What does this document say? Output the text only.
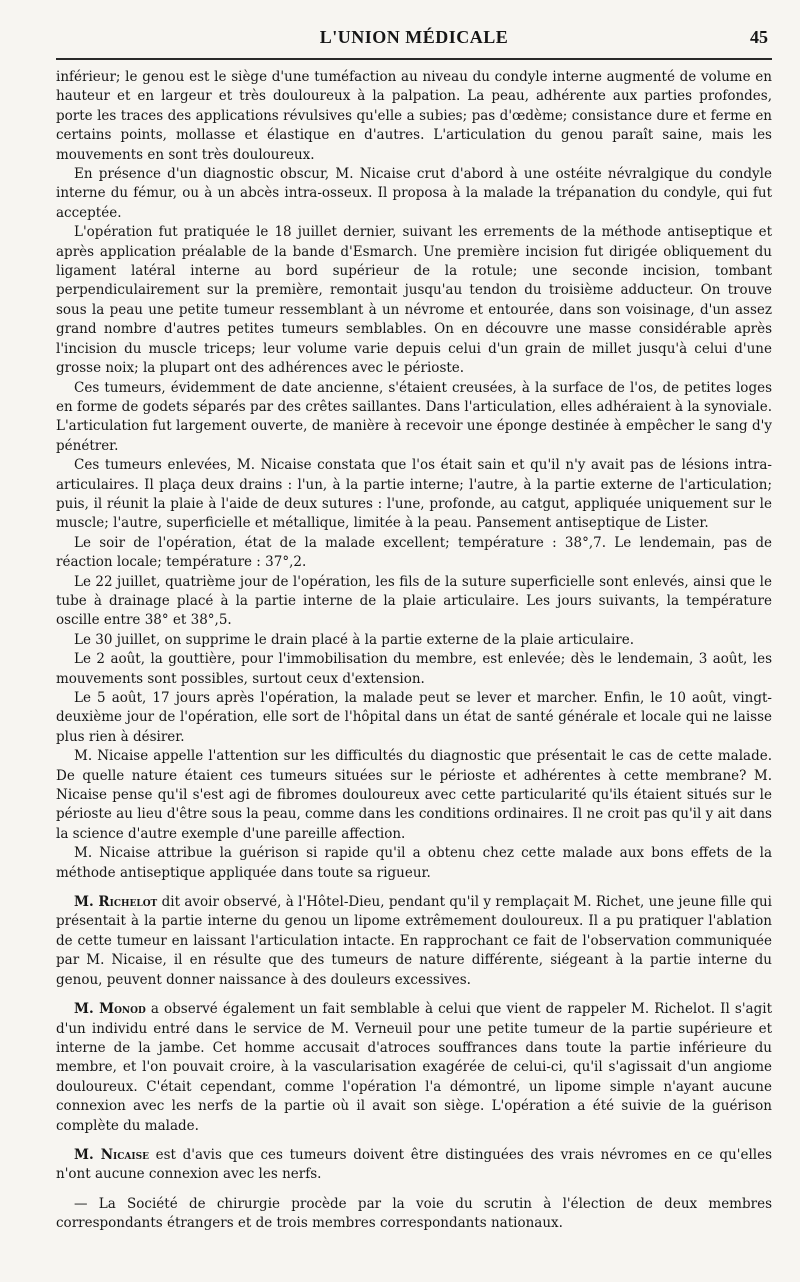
L'UNION MÉDICALE	45

inférieur; le genou est le siège d'une tuméfaction au niveau du condyle interne augmenté de volume en hauteur et en largeur et très douloureux à la palpation. La peau, adhérente aux parties profondes, porte les traces des applications révulsives qu'elle a subies; pas d'œdème; consistance dure et ferme en certains points, mollasse et élastique en d'autres. L'articulation du genou paraît saine, mais les mouvements en sont très douloureux.

En présence d'un diagnostic obscur, M. Nicaise crut d'abord à une ostéite névralgique du condyle interne du fémur, ou à un abcès intra-osseux. Il proposa à la malade la trépanation du condyle, qui fut acceptée.

L'opération fut pratiquée le 18 juillet dernier, suivant les errements de la méthode antiseptique et après application préalable de la bande d'Esmarch. Une première incision fut dirigée obliquement du ligament latéral interne au bord supérieur de la rotule; une seconde incision, tombant perpendiculairement sur la première, remontait jusqu'au tendon du troisième adducteur. On trouve sous la peau une petite tumeur ressemblant à un névrome et entourée, dans son voisinage, d'un assez grand nombre d'autres petites tumeurs semblables. On en découvre une masse considérable après l'incision du muscle triceps; leur volume varie depuis celui d'un grain de millet jusqu'à celui d'une grosse noix; la plupart ont des adhérences avec le périoste.

Ces tumeurs, évidemment de date ancienne, s'étaient creusées, à la surface de l'os, de petites loges en forme de godets séparés par des crêtes saillantes. Dans l'articulation, elles adhéraient à la synoviale. L'articulation fut largement ouverte, de manière à recevoir une éponge destinée à empêcher le sang d'y pénétrer.

Ces tumeurs enlevées, M. Nicaise constata que l'os était sain et qu'il n'y avait pas de lésions intra-articulaires. Il plaça deux drains : l'un, à la partie interne; l'autre, à la partie externe de l'articulation; puis, il réunit la plaie à l'aide de deux sutures : l'une, profonde, au catgut, appliquée uniquement sur le muscle; l'autre, superficielle et métallique, limitée à la peau. Pansement antiseptique de Lister.

Le soir de l'opération, état de la malade excellent; température : 38°,7. Le lendemain, pas de réaction locale; température : 37°,2.

Le 22 juillet, quatrième jour de l'opération, les fils de la suture superficielle sont enlevés, ainsi que le tube à drainage placé à la partie interne de la plaie articulaire. Les jours suivants, la température oscille entre 38° et 38°,5.

Le 30 juillet, on supprime le drain placé à la partie externe de la plaie articulaire.

Le 2 août, la gouttière, pour l'immobilisation du membre, est enlevée; dès le lendemain, 3 août, les mouvements sont possibles, surtout ceux d'extension.

Le 5 août, 17 jours après l'opération, la malade peut se lever et marcher. Enfin, le 10 août, vingt-deuxième jour de l'opération, elle sort de l'hôpital dans un état de santé générale et locale qui ne laisse plus rien à désirer.

M. Nicaise appelle l'attention sur les difficultés du diagnostic que présentait le cas de cette malade. De quelle nature étaient ces tumeurs situées sur le périoste et adhérentes à cette membrane? M. Nicaise pense qu'il s'est agi de fibromes douloureux avec cette particularité qu'ils étaient situés sur le périoste au lieu d'être sous la peau, comme dans les conditions ordinaires. Il ne croit pas qu'il y ait dans la science d'autre exemple d'une pareille affection.

M. Nicaise attribue la guérison si rapide qu'il a obtenu chez cette malade aux bons effets de la méthode antiseptique appliquée dans toute sa rigueur.

M. Richelot dit avoir observé, à l'Hôtel-Dieu, pendant qu'il y remplaçait M. Richet, une jeune fille qui présentait à la partie interne du genou un lipome extrêmement douloureux. Il a pu pratiquer l'ablation de cette tumeur en laissant l'articulation intacte. En rapprochant ce fait de l'observation communiquée par M. Nicaise, il en résulte que des tumeurs de nature différente, siégeant à la partie interne du genou, peuvent donner naissance à des douleurs excessives.

M. Monod a observé également un fait semblable à celui que vient de rappeler M. Richelot. Il s'agit d'un individu entré dans le service de M. Verneuil pour une petite tumeur de la partie supérieure et interne de la jambe. Cet homme accusait d'atroces souffrances dans toute la partie inférieure du membre, et l'on pouvait croire, à la vascularisation exagérée de celui-ci, qu'il s'agissait d'un angiome douloureux. C'était cependant, comme l'opération l'a démontré, un lipome simple n'ayant aucune connexion avec les nerfs de la partie où il avait son siège. L'opération a été suivie de la guérison complète du malade.

M. Nicaise est d'avis que ces tumeurs doivent être distinguées des vrais névromes en ce qu'elles n'ont aucune connexion avec les nerfs.

— La Société de chirurgie procède par la voie du scrutin à l'élection de deux membres correspondants étrangers et de trois membres correspondants nationaux.
